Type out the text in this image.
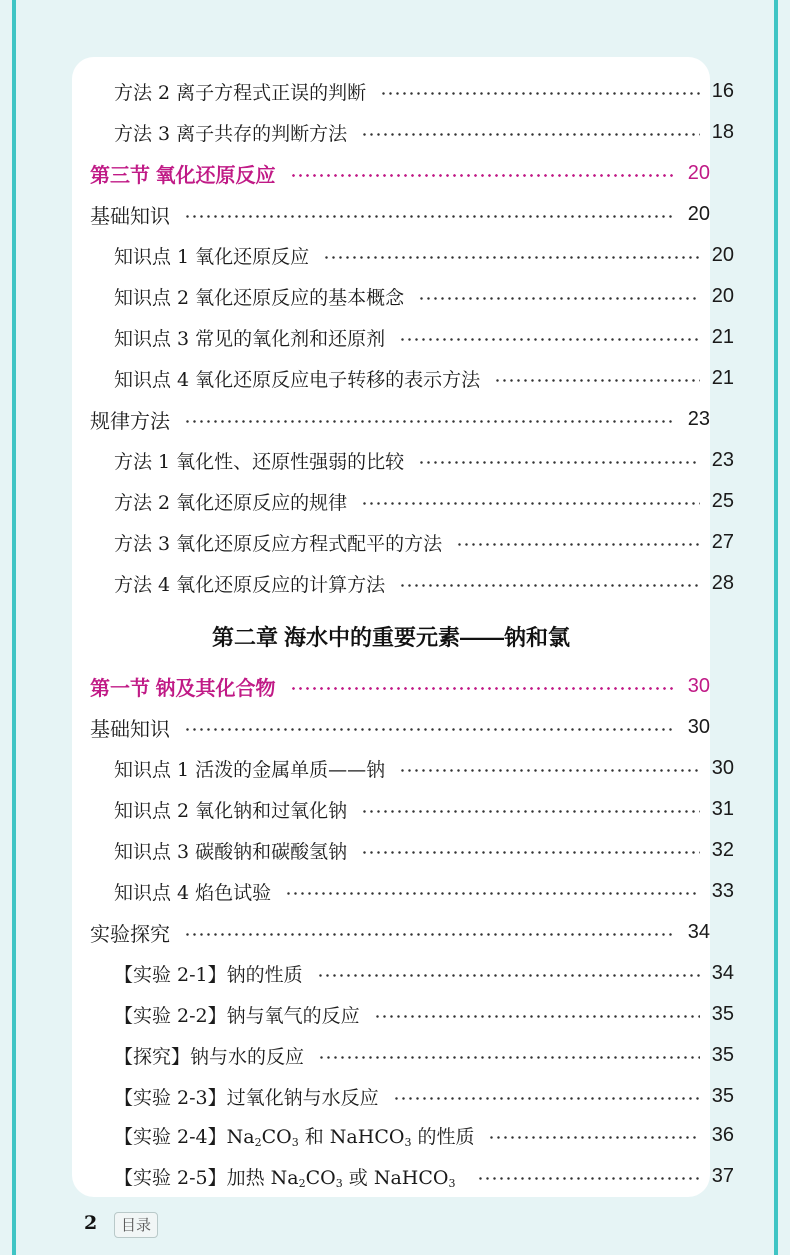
方法 2 离子方程式正误的判断	16
方法 3 离子共存的判断方法	18
第三节 氧化还原反应	20
基础知识	20
知识点 1 氧化还原反应	20
知识点 2 氧化还原反应的基本概念	20
知识点 3 常见的氧化剂和还原剂	21
知识点 4 氧化还原反应电子转移的表示方法	21
规律方法	23
方法 1 氧化性、还原性强弱的比较	23
方法 2 氧化还原反应的规律	25
方法 3 氧化还原反应方程式配平的方法	27
方法 4 氧化还原反应的计算方法	28
第二章 海水中的重要元素——钠和氯
第一节 钠及其化合物	30
基础知识	30
知识点 1 活泼的金属单质——钠	30
知识点 2 氧化钠和过氧化钠	31
知识点 3 碳酸钠和碳酸氢钠	32
知识点 4 焰色试验	33
实验探究	34
【实验 2-1】钠的性质	34
【实验 2-2】钠与氧气的反应	35
【探究】钠与水的反应	35
【实验 2-3】过氧化钠与水反应	35
【实验 2-4】$Na_2CO_3$ 和 NaHCO$_3$ 的性质	36
【实验 2-5】加热 $Na_2CO_3$ 或 NaHCO$_3$	37
2	目录
